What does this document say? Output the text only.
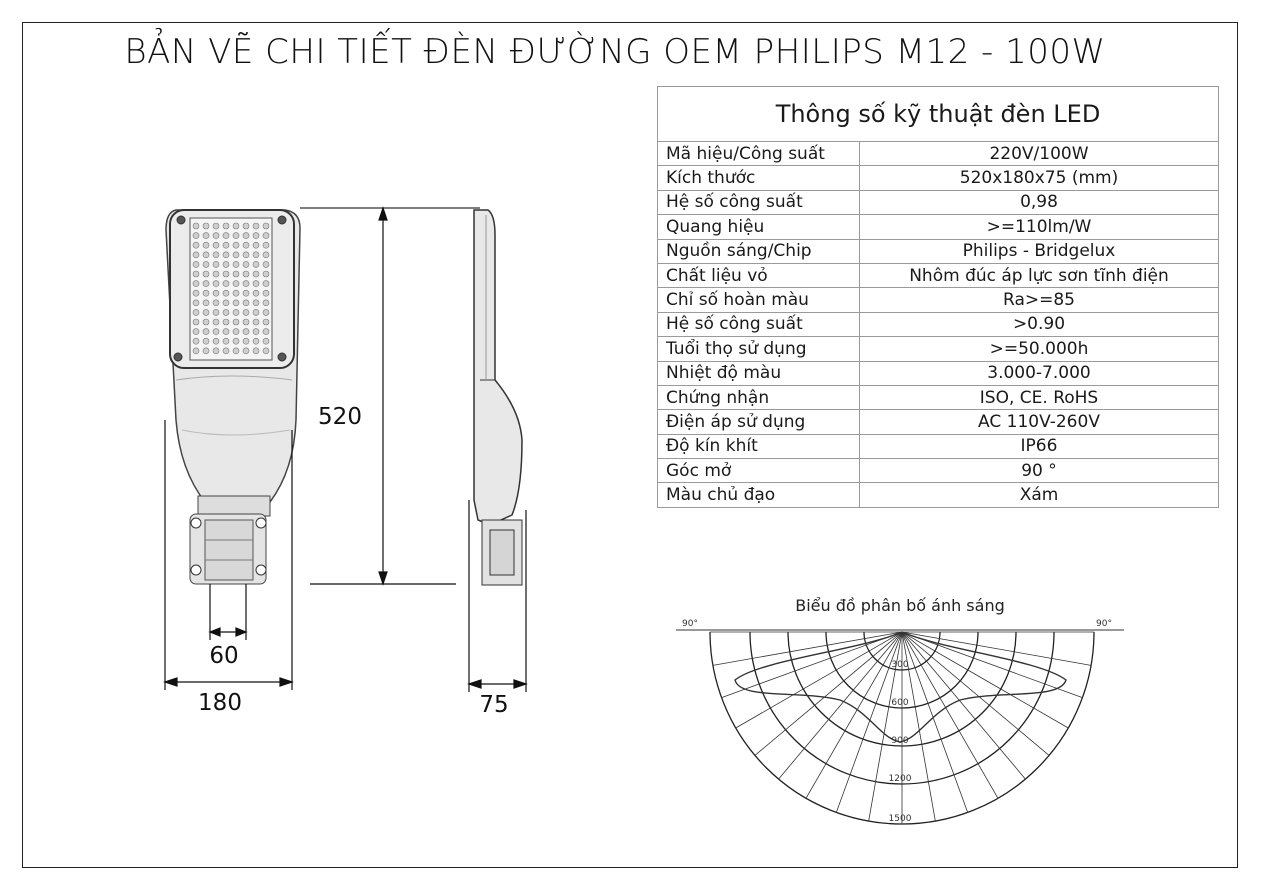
BẢN VẼ CHI TIẾT ĐÈN ĐƯỜNG OEM PHILIPS M12 - 100W
Thông số kỹ thuật đèn LED	
Mã hiệu/Công suất	220V/100W
Kích thước	520x180x75 (mm)
Hệ số công suất	0,98
Quang hiệu	>=110lm/W
Nguồn sáng/Chip	Philips - Bridgelux
Chất liệu vỏ	Nhôm đúc áp lực sơn tĩnh điện
Chỉ số hoàn màu	Ra>=85
Hệ số công suất	>0.90
Tuổi thọ sử dụng	>=50.000h
Nhiệt độ màu	3.000-7.000
Chứng nhận	ISO, CE. RoHS
Điện áp sử dụng	AC 110V-260V
Độ kín khít	IP66
Góc mở	90 °
Màu chủ đạo	Xám
520
180
60
75
Biểu đồ phân bố ánh sáng
90°	90°
300
600
900
1200
1500
